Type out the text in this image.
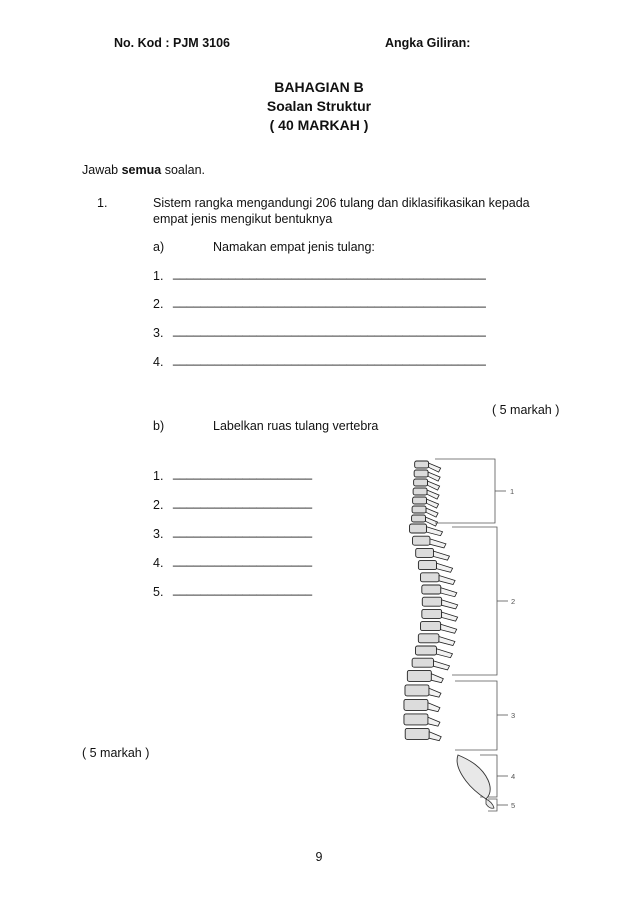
No. Kod : PJM 3106	Angka Giliran:
BAHAGIAN B
Soalan Struktur
( 40 MARKAH )
Jawab semua soalan.
1.	Sistem rangka mengandungi 206 tulang dan diklasifikasikan kepada
empat jenis mengikut bentuknya
a)	Namakan empat jenis tulang:
1. _____________________________________________
2. _____________________________________________
3. _____________________________________________
4. _____________________________________________
( 5 markah )
b)	Labelkan ruas tulang vertebra
1. ____________________
2. ____________________
3. ____________________
4. ____________________
5. ____________________
( 5 markah )
1
2
3
4
5
9
